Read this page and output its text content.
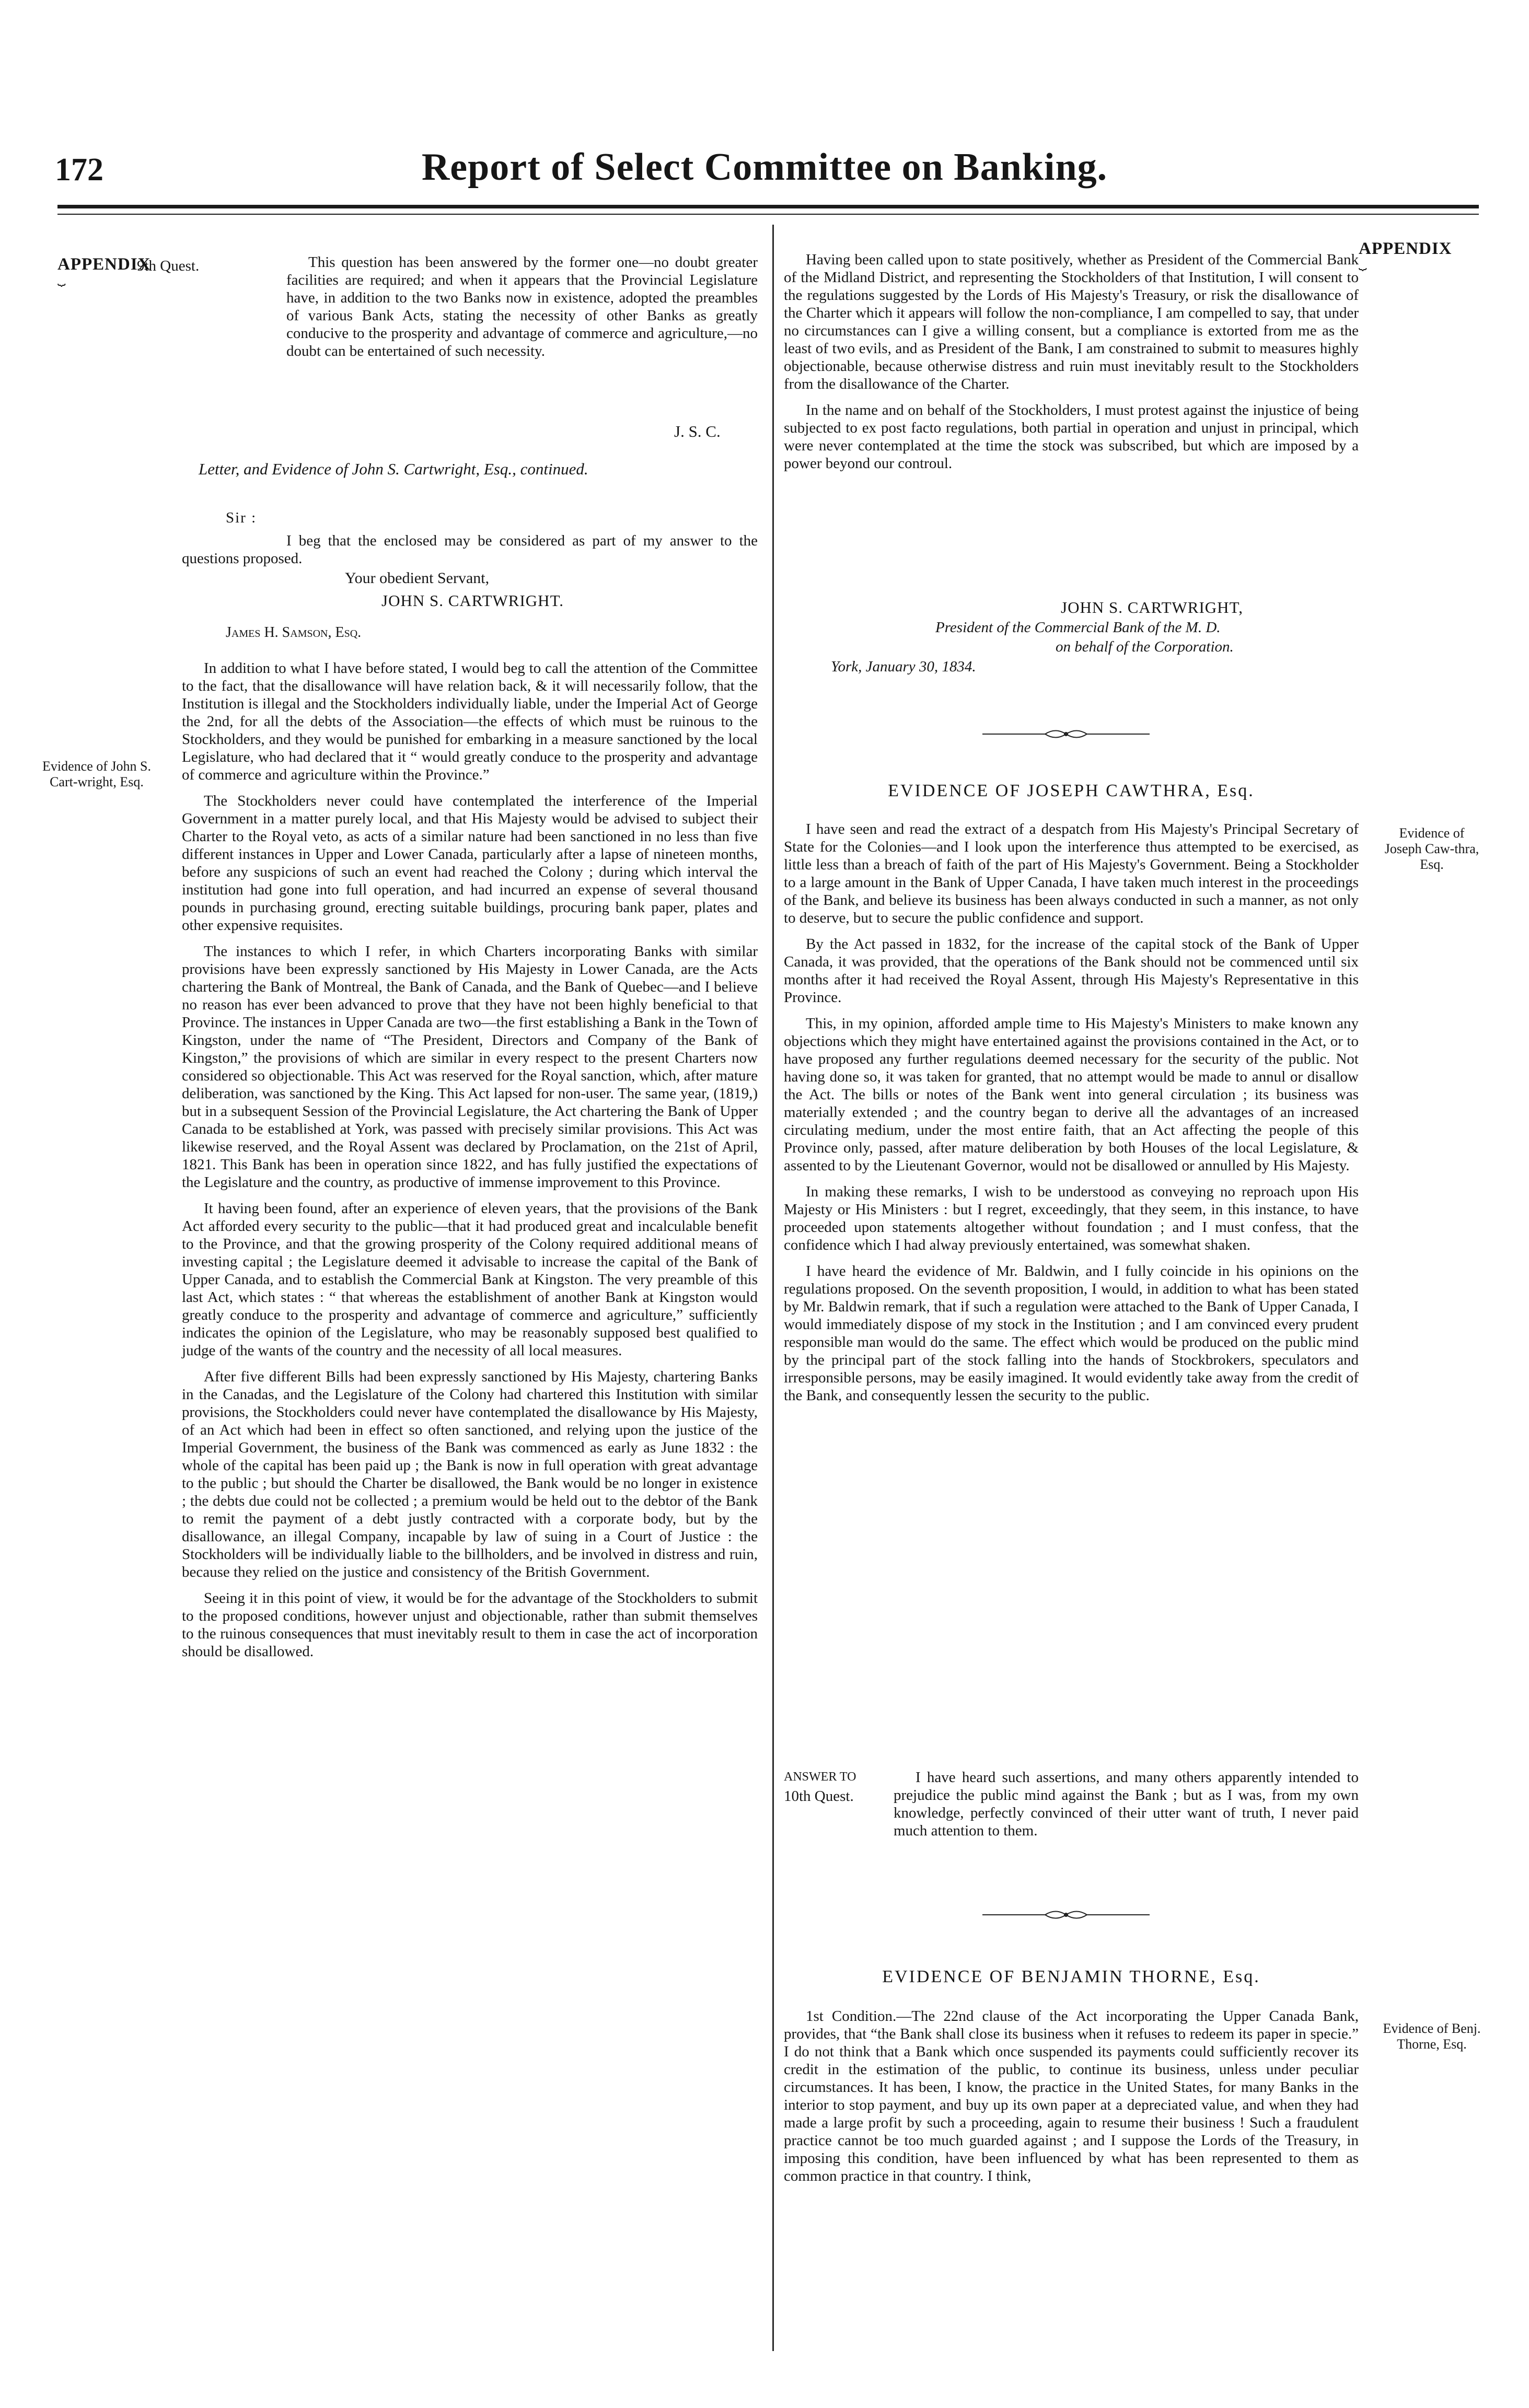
172	Report of Select Committee on Banking.
APPENDIX
⏟
APPENDIX
⏟
Evidence of John S. Cart-wright, Esq.
Evidence of Joseph Caw-thra, Esq.
Evidence of Benj. Thorne, Esq.
9th Quest.	This question has been answered by the former one—no doubt greater facilities are required; and when it appears that the Provincial Legislature have, in addition to the two Banks now in existence, adopted the preambles of various Bank Acts, stating the necessity of other Banks as greatly conducive to the prosperity and advantage of commerce and agriculture,—no doubt can be entertained of such necessity.
J. S. C.
Letter, and Evidence of John S. Cartwright, Esq., continued.
Sir :

I beg that the enclosed may be considered as part of my answer to the questions proposed.

Your obedient Servant,
JOHN S. CARTWRIGHT.
James H. Samson, Esq.

In addition to what I have before stated, I would beg to call the attention of the Committee to the fact, that the disallowance will have relation back, & it will necessarily follow, that the Institution is illegal and the Stockholders individually liable, under the Imperial Act of George the 2nd, for all the debts of the Association—the effects of which must be ruinous to the Stockholders, and they would be punished for embarking in a measure sanctioned by the local Legislature, who had declared that it “ would greatly conduce to the prosperity and advantage of commerce and agriculture within the Province.”

The Stockholders never could have contemplated the interference of the Imperial Government in a matter purely local, and that His Majesty would be advised to subject their Charter to the Royal veto, as acts of a similar nature had been sanctioned in no less than five different instances in Upper and Lower Canada, particularly after a lapse of nineteen months, before any suspicions of such an event had reached the Colony ; during which interval the institution had gone into full operation, and had incurred an expense of several thousand pounds in purchasing ground, erecting suitable buildings, procuring bank paper, plates and other expensive requisites.

The instances to which I refer, in which Charters incorporating Banks with similar provisions have been expressly sanctioned by His Majesty in Lower Canada, are the Acts chartering the Bank of Montreal, the Bank of Canada, and the Bank of Quebec—and I believe no reason has ever been advanced to prove that they have not been highly beneficial to that Province. The instances in Upper Canada are two—the first establishing a Bank in the Town of Kingston, under the name of “The President, Directors and Company of the Bank of Kingston,” the provisions of which are similar in every respect to the present Charters now considered so objectionable. This Act was reserved for the Royal sanction, which, after mature deliberation, was sanctioned by the King. This Act lapsed for non-user. The same year, (1819,) but in a subsequent Session of the Provincial Legislature, the Act chartering the Bank of Upper Canada to be established at York, was passed with precisely similar provisions. This Act was likewise reserved, and the Royal Assent was declared by Proclamation, on the 21st of April, 1821. This Bank has been in operation since 1822, and has fully justified the expectations of the Legislature and the country, as productive of immense improvement to this Province.

It having been found, after an experience of eleven years, that the provisions of the Bank Act afforded every security to the public—that it had produced great and incalculable benefit to the Province, and that the growing prosperity of the Colony required additional means of investing capital ; the Legislature deemed it advisable to increase the capital of the Bank of Upper Canada, and to establish the Commercial Bank at Kingston. The very preamble of this last Act, which states : “ that whereas the establishment of another Bank at Kingston would greatly conduce to the prosperity and advantage of commerce and agriculture,” sufficiently indicates the opinion of the Legislature, who may be reasonably supposed best qualified to judge of the wants of the country and the necessity of all local measures.

After five different Bills had been expressly sanctioned by His Majesty, chartering Banks in the Canadas, and the Legislature of the Colony had chartered this Institution with similar provisions, the Stockholders could never have contemplated the disallowance by His Majesty, of an Act which had been in effect so often sanctioned, and relying upon the justice of the Imperial Government, the business of the Bank was commenced as early as June 1832 : the whole of the capital has been paid up ; the Bank is now in full operation with great advantage to the public ; but should the Charter be disallowed, the Bank would be no longer in existence ; the debts due could not be collected ; a premium would be held out to the debtor of the Bank to remit the payment of a debt justly contracted with a corporate body, but by the disallowance, an illegal Company, incapable by law of suing in a Court of Justice : the Stockholders will be individually liable to the billholders, and be involved in distress and ruin, because they relied on the justice and consistency of the British Government.

Seeing it in this point of view, it would be for the advantage of the Stockholders to submit to the proposed conditions, however unjust and objectionable, rather than submit themselves to the ruinous consequences that must inevitably result to them in case the act of incorporation should be disallowed.

Having been called upon to state positively, whether as President of the Commercial Bank of the Midland District, and representing the Stockholders of that Institution, I will consent to the regulations suggested by the Lords of His Majesty's Treasury, or risk the disallowance of the Charter which it appears will follow the non-compliance, I am compelled to say, that under no circumstances can I give a willing consent, but a compliance is extorted from me as the least of two evils, and as President of the Bank, I am constrained to submit to measures highly objectionable, because otherwise distress and ruin must inevitably result to the Stockholders from the disallowance of the Charter.

In the name and on behalf of the Stockholders, I must protest against the injustice of being subjected to ex post facto regulations, both partial in operation and unjust in principal, which were never contemplated at the time the stock was subscribed, but which are imposed by a power beyond our controul.

JOHN S. CARTWRIGHT,
President of the Commercial Bank of the M. D.
on behalf of the Corporation.
York, January 30, 1834.
EVIDENCE OF JOSEPH CAWTHRA, Esq.

I have seen and read the extract of a despatch from His Majesty's Principal Secretary of State for the Colonies—and I look upon the interference thus attempted to be exercised, as little less than a breach of faith of the part of His Majesty's Government. Being a Stockholder to a large amount in the Bank of Upper Canada, I have taken much interest in the proceedings of the Bank, and believe its business has been always conducted in such a manner, as not only to deserve, but to secure the public confidence and support.

By the Act passed in 1832, for the increase of the capital stock of the Bank of Upper Canada, it was provided, that the operations of the Bank should not be commenced until six months after it had received the Royal Assent, through His Majesty's Representative in this Province.

This, in my opinion, afforded ample time to His Majesty's Ministers to make known any objections which they might have entertained against the provisions contained in the Act, or to have proposed any further regulations deemed necessary for the security of the public. Not having done so, it was taken for granted, that no attempt would be made to annul or disallow the Act. The bills or notes of the Bank went into general circulation ; its business was materially extended ; and the country began to derive all the advantages of an increased circulating medium, under the most entire faith, that an Act affecting the people of this Province only, passed, after mature deliberation by both Houses of the local Legislature, & assented to by the Lieutenant Governor, would not be disallowed or annulled by His Majesty.

In making these remarks, I wish to be understood as conveying no reproach upon His Majesty or His Ministers : but I regret, exceedingly, that they seem, in this instance, to have proceeded upon statements altogether without foundation ; and I must confess, that the confidence which I had alway previously entertained, was somewhat shaken.

I have heard the evidence of Mr. Baldwin, and I fully coincide in his opinions on the regulations proposed. On the seventh proposition, I would, in addition to what has been stated by Mr. Baldwin remark, that if such a regulation were attached to the Bank of Upper Canada, I would immediately dispose of my stock in the Institution ; and I am convinced every prudent responsible man would do the same. The effect which would be produced on the public mind by the principal part of the stock falling into the hands of Stockbrokers, speculators and irresponsible persons, may be easily imagined. It would evidently take away from the credit of the Bank, and consequently lessen the security to the public.

ANSWER TO
10th Quest.
I have heard such assertions, and many others apparently intended to prejudice the public mind against the Bank ; but as I was, from my own knowledge, perfectly convinced of their utter want of truth, I never paid much attention to them.
EVIDENCE OF BENJAMIN THORNE, Esq.

1st Condition.—The 22nd clause of the Act incorporating the Upper Canada Bank, provides, that “the Bank shall close its business when it refuses to redeem its paper in specie.” I do not think that a Bank which once suspended its payments could sufficiently recover its credit in the estimation of the public, to continue its business, unless under peculiar circumstances. It has been, I know, the practice in the United States, for many Banks in the interior to stop payment, and buy up its own paper at a depreciated value, and when they had made a large profit by such a proceeding, again to resume their business ! Such a fraudulent practice cannot be too much guarded against ; and I suppose the Lords of the Treasury, in imposing this condition, have been influenced by what has been represented to them as common practice in that country. I think,
